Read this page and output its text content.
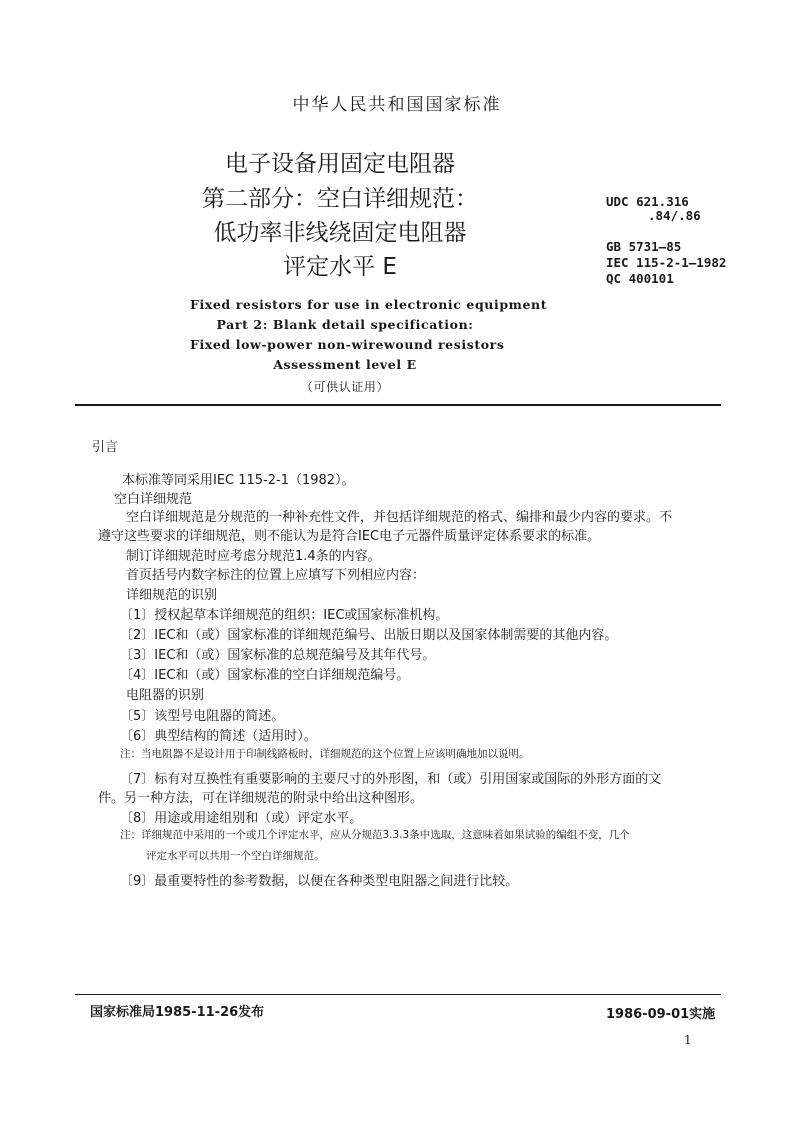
中华人民共和国国家标准
电子设备用固定电阻器
第二部分：空白详细规范：
低功率非线绕固定电阻器
评定水平 E
UDC 621.316
.84/.86
GB 5731—85
IEC 115-2-1—1982
QC 400101
Fixed resistors for use in electronic equipment
Part 2: Blank detail specification:
Fixed low-power non-wirewound resistors
Assessment level E
（可供认证用）
引言
本标准等同采用IEC 115-2-1（1982）。
空白详细规范
空白详细规范是分规范的一种补充性文件，并包括详细规范的格式、编排和最少内容的要求。不
遵守这些要求的详细规范，则不能认为是符合IEC电子元器件质量评定体系要求的标准。
制订详细规范时应考虑分规范1.4条的内容。
首页括号内数字标注的位置上应填写下列相应内容：
详细规范的识别
〔1〕授权起草本详细规范的组织：IEC或国家标准机构。
〔2〕IEC和（或）国家标准的详细规范编号、出版日期以及国家体制需要的其他内容。
〔3〕IEC和（或）国家标准的总规范编号及其年代号。
〔4〕IEC和（或）国家标准的空白详细规范编号。
电阻器的识别
〔5〕该型号电阻器的简述。
〔6〕典型结构的简述（适用时）。
注：当电阻器不是设计用于印制线路板时，详细规范的这个位置上应该明确地加以说明。
〔7〕标有对互换性有重要影响的主要尺寸的外形图，和（或）引用国家或国际的外形方面的文
件。另一种方法，可在详细规范的附录中给出这种图形。
〔8〕用途或用途组别和（或）评定水平。
注：详细规范中采用的一个或几个评定水平，应从分规范3.3.3条中选取，这意味着如果试验的编组不变，几个
评定水平可以共用一个空白详细规范。
〔9〕最重要特性的参考数据，以便在各种类型电阻器之间进行比较。
国家标准局1985-11-26发布	1986-09-01实施
1
